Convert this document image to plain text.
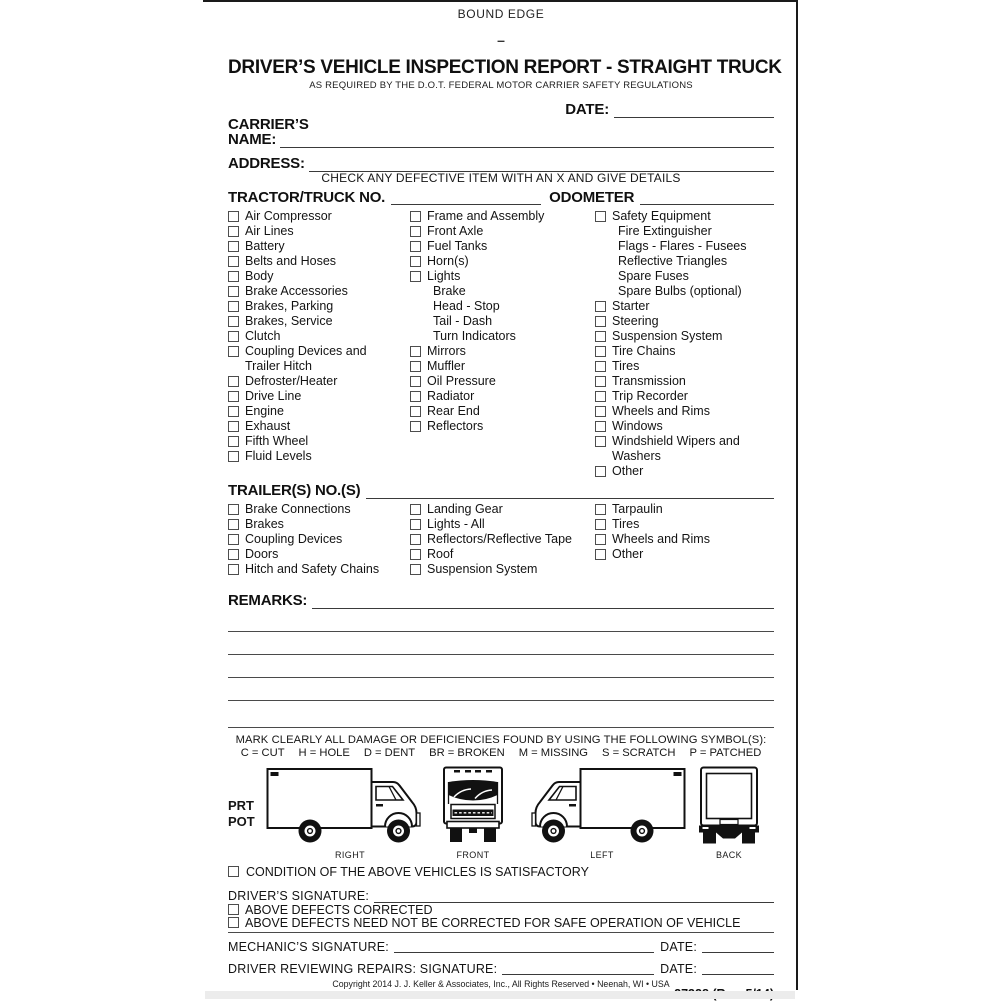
BOUND EDGE
–
DRIVER’S VEHICLE INSPECTION REPORT - STRAIGHT TRUCK
AS REQUIRED BY THE D.O.T. FEDERAL MOTOR CARRIER SAFETY REGULATIONS
DATE:
CARRIER’S
NAME:
ADDRESS:
CHECK ANY DEFECTIVE ITEM WITH AN X AND GIVE DETAILS
TRACTOR/TRUCK NO.	ODOMETER
Air Compressor
Air Lines
Battery
Belts and Hoses
Body
Brake Accessories
Brakes, Parking
Brakes, Service
Clutch
Coupling Devices and
Trailer Hitch
Defroster/Heater
Drive Line
Engine
Exhaust
Fifth Wheel
Fluid Levels
Frame and Assembly
Front Axle
Fuel Tanks
Horn(s)
Lights
Brake
Head - Stop
Tail - Dash
Turn Indicators
Mirrors
Muffler
Oil Pressure
Radiator
Rear End
Reflectors
Safety Equipment
Fire Extinguisher
Flags - Flares - Fusees
Reflective Triangles
Spare Fuses
Spare Bulbs (optional)
Starter
Steering
Suspension System
Tire Chains
Tires
Transmission
Trip Recorder
Wheels and Rims
Windows
Windshield Wipers and
Washers
Other
TRAILER(S) NO.(S)
Brake Connections
Brakes
Coupling Devices
Doors
Hitch and Safety Chains
Landing Gear
Lights - All
Reflectors/Reflective Tape
Roof
Suspension System
Tarpaulin
Tires
Wheels and Rims
Other
REMARKS:
MARK CLEARLY ALL DAMAGE OR DEFICIENCIES FOUND BY USING THE FOLLOWING SYMBOL(S):
C = CUT H = HOLE D = DENT BR = BROKEN M = MISSING S = SCRATCH P = PATCHED
PRT
POT
RIGHT	FRONT	LEFT	BACK
CONDITION OF THE ABOVE VEHICLES IS SATISFACTORY
DRIVER’S SIGNATURE:
ABOVE DEFECTS CORRECTED
ABOVE DEFECTS NEED NOT BE CORRECTED FOR SAFE OPERATION OF VEHICLE
MECHANIC’S SIGNATURE:	DATE:
DRIVER REVIEWING REPAIRS: SIGNATURE:	DATE:
Copyright 2014 J. J. Keller & Associates, Inc., All Rights Reserved • Neenah, WI • USA
